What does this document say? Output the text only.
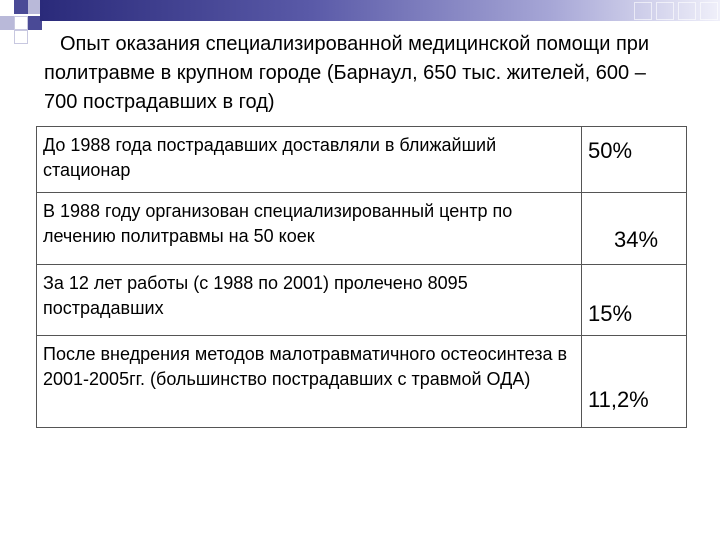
Опыт оказания специализированной медицинской помощи при политравме в крупном городе (Барнаул, 650 тыс. жителей, 600 – 700 пострадавших в год)
До 1988 года пострадавших доставляли в ближайший стационар	50%

В 1988 году организован специализированный центр по лечению политравмы на 50 коек	34%

За 12 лет работы (с 1988 по 2001) пролечено 8095 пострадавших	15%

После внедрения методов малотравматичного остеосинтеза в 2001-2005гг. (большинство пострадавших с травмой ОДА)	11,2%
